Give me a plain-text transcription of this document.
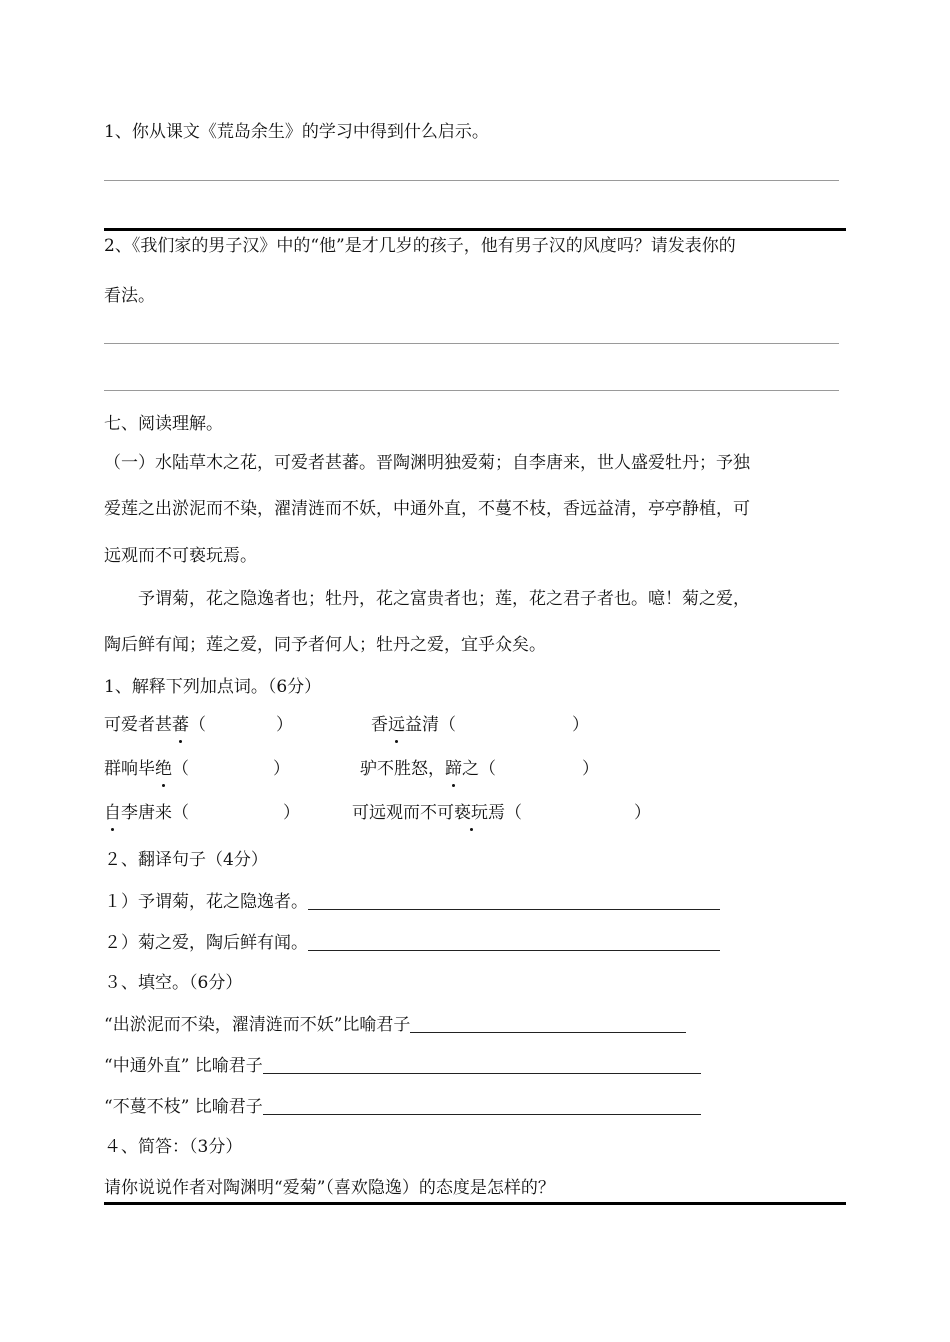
1、你从课文《荒岛余生》的学习中得到什么启示。
2、《我们家的男子汉》中的“他”是才几岁的孩子，他有男子汉的风度吗？请发表你的
看法。
七、阅读理解。
（一）水陆草木之花，可爱者甚蕃。晋陶渊明独爱菊；自李唐来，世人盛爱牡丹；予独
爱莲之出淤泥而不染，濯清涟而不妖，中通外直，不蔓不枝，香远益清，亭亭静植，可
远观而不可亵玩焉。
予谓菊，花之隐逸者也；牡丹，花之富贵者也；莲，花之君子者也。噫！菊之爱，
陶后鲜有闻；莲之爱，同予者何人；牡丹之爱，宜乎众矣。
1、解释下列加点词。（6分）
可爱者甚蕃（	）	香远益清（	）
群响毕绝（	）	驴不胜怒，蹄之（	）
自李唐来（	）	可远观而不可亵玩焉（	）
２、翻译句子（4分）
１）予谓菊，花之隐逸者。
２）菊之爱，陶后鲜有闻。
３、填空。（6分）
“出淤泥而不染，濯清涟而不妖”比喻君子
“中通外直” 比喻君子
“不蔓不枝” 比喻君子
４、简答：（3分）
请你说说作者对陶渊明“爱菊”（喜欢隐逸）的态度是怎样的？
